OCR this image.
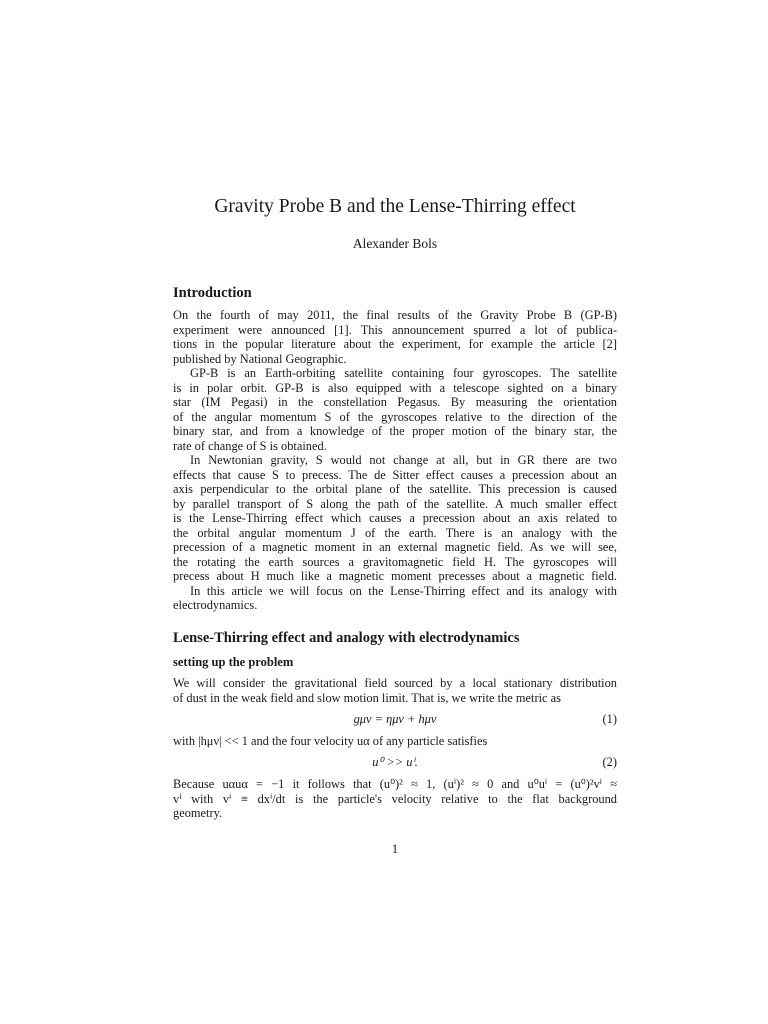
Gravity Probe B and the Lense-Thirring effect
Alexander Bols
Introduction
On the fourth of may 2011, the final results of the Gravity Probe B (GP-B)
experiment were announced [1]. This announcement spurred a lot of publica-
tions in the popular literature about the experiment, for example the article [2]
published by National Geographic.
GP-B is an Earth-orbiting satellite containing four gyroscopes. The satellite
is in polar orbit. GP-B is also equipped with a telescope sighted on a binary
star (IM Pegasi) in the constellation Pegasus. By measuring the orientation
of the angular momentum S of the gyroscopes relative to the direction of the
binary star, and from a knowledge of the proper motion of the binary star, the
rate of change of S is obtained.
In Newtonian gravity, S would not change at all, but in GR there are two
effects that cause S to precess. The de Sitter effect causes a precession about an
axis perpendicular to the orbital plane of the satellite. This precession is caused
by parallel transport of S along the path of the satellite. A much smaller effect
is the Lense-Thirring effect which causes a precession about an axis related to
the orbital angular momentum J of the earth. There is an analogy with the
precession of a magnetic moment in an external magnetic field. As we will see,
the rotating the earth sources a gravitomagnetic field H. The gyroscopes will
precess about H much like a magnetic moment precesses about a magnetic field.
In this article we will focus on the Lense-Thirring effect and its analogy with
electrodynamics.
Lense-Thirring effect and analogy with electrodynamics
setting up the problem
We will consider the gravitational field sourced by a local stationary distribution
of dust in the weak field and slow motion limit. That is, we write the metric as
gμν = ημν + hμν	(1)
with |hμν| << 1 and the four velocity uα of any particle satisfies
u⁰ >> uⁱ.	(2)
Because uαuα = −1 it follows that (u⁰)² ≈ 1, (uⁱ)² ≈ 0 and u⁰uⁱ = (u⁰)²vⁱ ≈
vⁱ with vⁱ ≡ dxⁱ/dt is the particle's velocity relative to the flat background
geometry.
1
